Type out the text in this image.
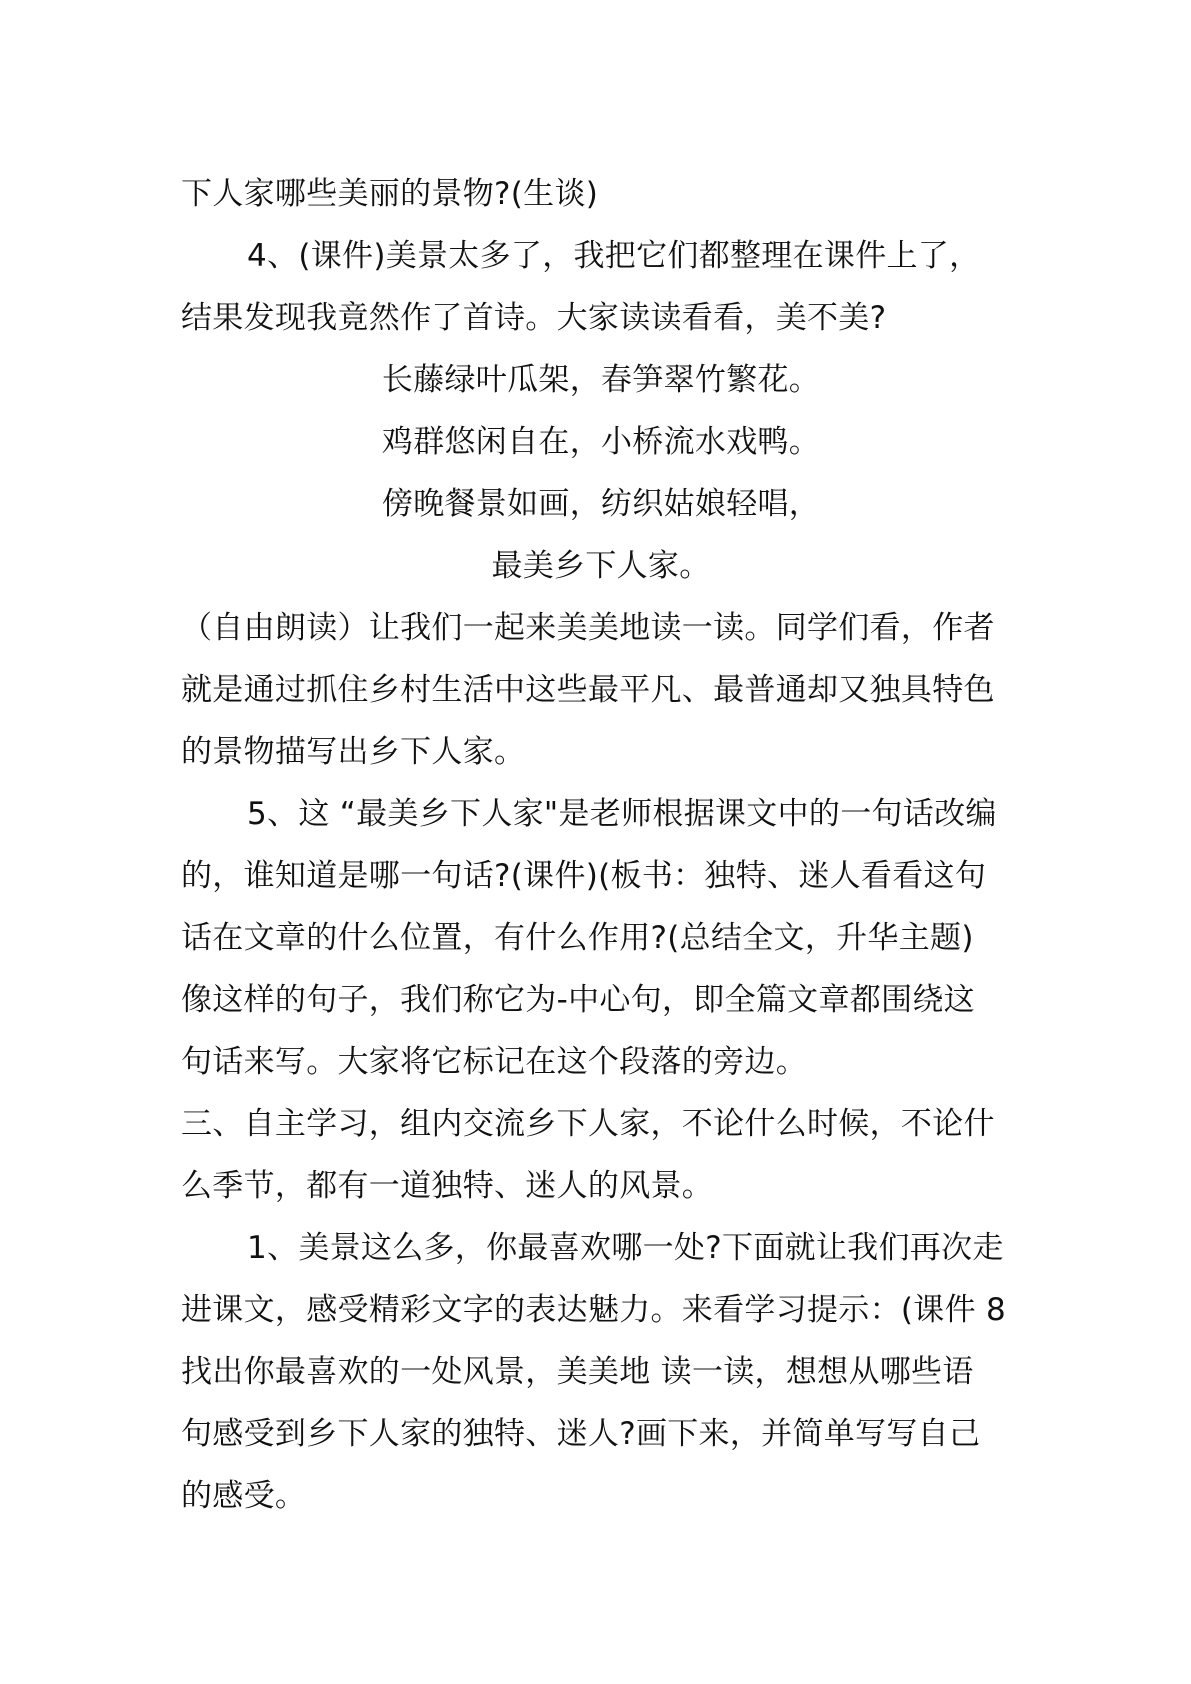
下人家哪些美丽的景物?(生谈)
4、(课件)美景太多了，我把它们都整理在课件上了，
结果发现我竟然作了首诗。大家读读看看，美不美?
长藤绿叶瓜架，春笋翠竹繁花。
鸡群悠闲自在，小桥流水戏鸭。
傍晚餐景如画，纺织姑娘轻唱，
最美乡下人家。
（自由朗读）让我们一起来美美地读一读。同学们看，作者
就是通过抓住乡村生活中这些最平凡、最普通却又独具特色
的景物描写出乡下人家。
5、这 “最美乡下人家"是老师根据课文中的一句话改编
的，谁知道是哪一句话?(课件)(板书：独特、迷人看看这句
话在文章的什么位置，有什么作用?(总结全文，升华主题)
像这样的句子，我们称它为-中心句，即全篇文章都围绕这
句话来写。大家将它标记在这个段落的旁边。
三、自主学习，组内交流乡下人家，不论什么时候，不论什
么季节，都有一道独特、迷人的风景。
1、美景这么多，你最喜欢哪一处?下面就让我们再次走
进课文，感受精彩文字的表达魅力。来看学习提示：(课件 8
找出你最喜欢的一处风景，美美地 读一读，想想从哪些语
句感受到乡下人家的独特、迷人?画下来，并简单写写自己
的感受。
